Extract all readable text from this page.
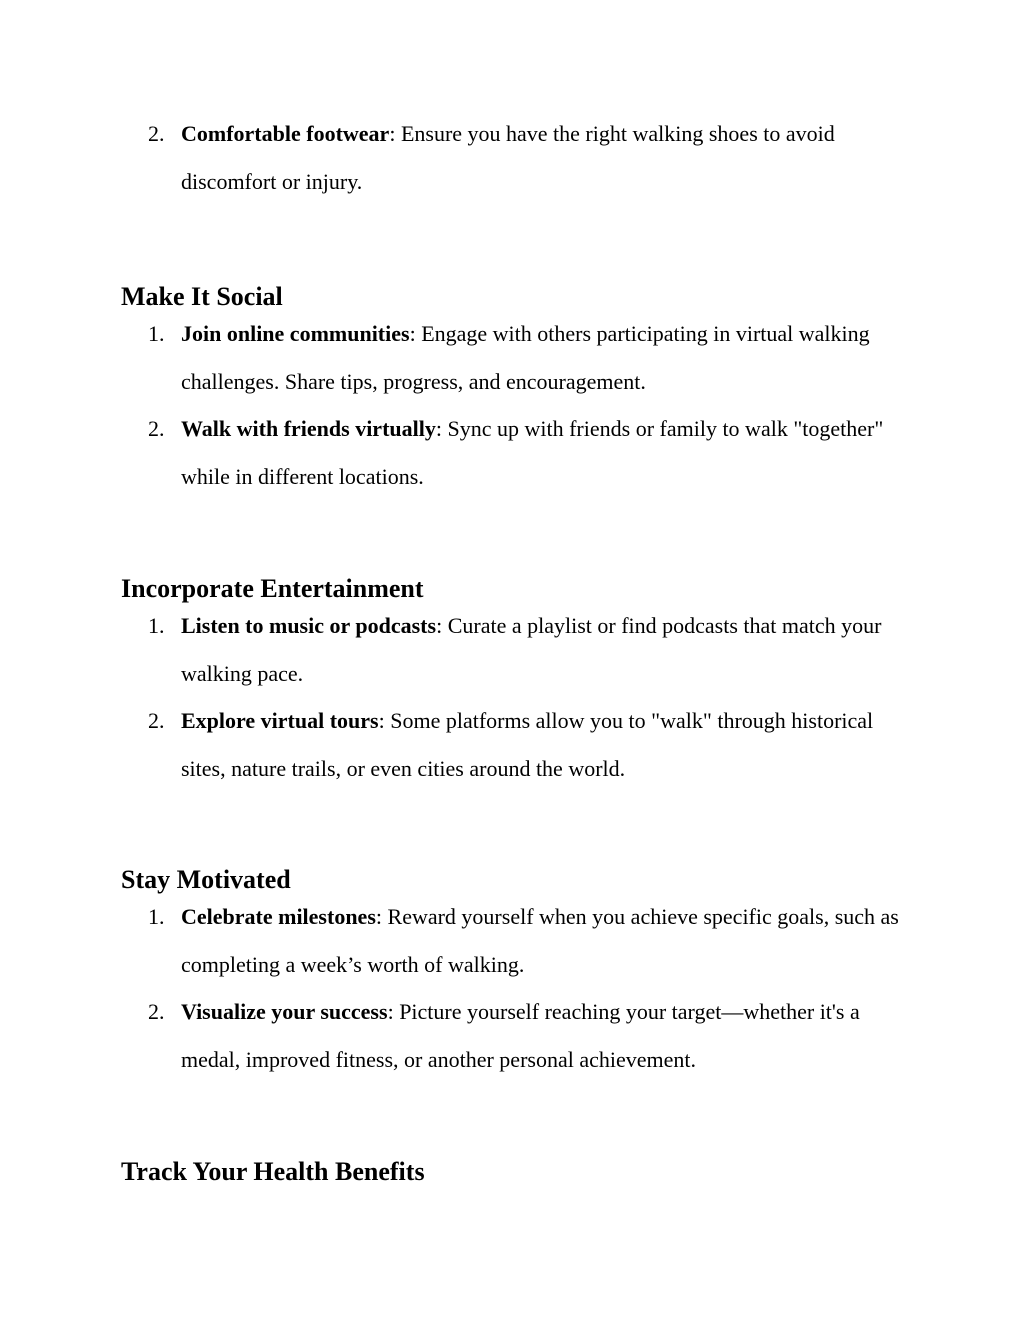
2. Comfortable footwear: Ensure you have the right walking shoes to avoid discomfort or injury.
Make It Social
1. Join online communities: Engage with others participating in virtual walking challenges. Share tips, progress, and encouragement.
2. Walk with friends virtually: Sync up with friends or family to walk "together" while in different locations.
Incorporate Entertainment
1. Listen to music or podcasts: Curate a playlist or find podcasts that match your walking pace.
2. Explore virtual tours: Some platforms allow you to "walk" through historical sites, nature trails, or even cities around the world.
Stay Motivated
1. Celebrate milestones: Reward yourself when you achieve specific goals, such as completing a week’s worth of walking.
2. Visualize your success: Picture yourself reaching your target—whether it's a medal, improved fitness, or another personal achievement.
Track Your Health Benefits
